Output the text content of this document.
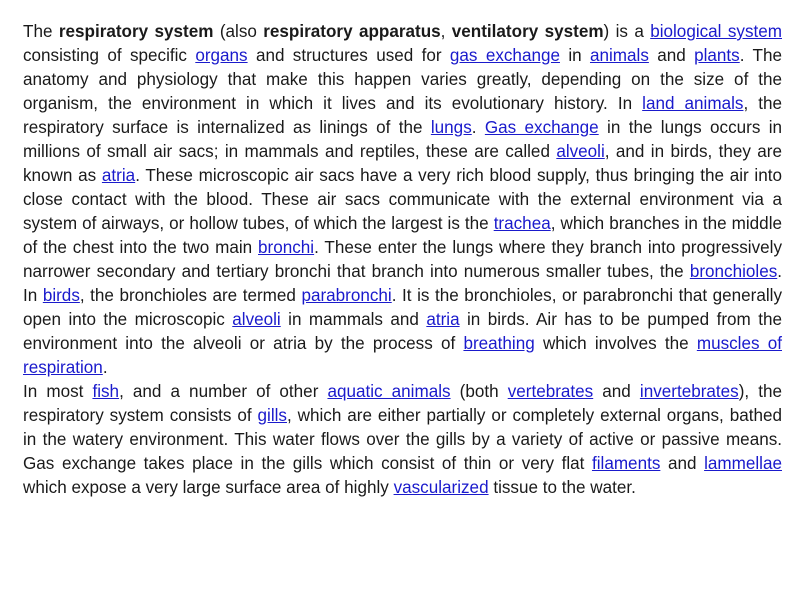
The respiratory system (also respiratory apparatus, ventilatory system) is a biological system consisting of specific organs and structures used for gas exchange in animals and plants. The anatomy and physiology that make this happen varies greatly, depending on the size of the organism, the environment in which it lives and its evolutionary history. In land animals, the respiratory surface is internalized as linings of the lungs. Gas exchange in the lungs occurs in millions of small air sacs; in mammals and reptiles, these are called alveoli, and in birds, they are known as atria. These microscopic air sacs have a very rich blood supply, thus bringing the air into close contact with the blood. These air sacs communicate with the external environment via a system of airways, or hollow tubes, of which the largest is the trachea, which branches in the middle of the chest into the two main bronchi. These enter the lungs where they branch into progressively narrower secondary and tertiary bronchi that branch into numerous smaller tubes, the bronchioles. In birds, the bronchioles are termed parabronchi. It is the bronchioles, or parabronchi that generally open into the microscopic alveoli in mammals and atria in birds. Air has to be pumped from the environment into the alveoli or atria by the process of breathing which involves the muscles of respiration.

In most fish, and a number of other aquatic animals (both vertebrates and invertebrates), the respiratory system consists of gills, which are either partially or completely external organs, bathed in the watery environment. This water flows over the gills by a variety of active or passive means. Gas exchange takes place in the gills which consist of thin or very flat filaments and lammellae which expose a very large surface area of highly vascularized tissue to the water.
